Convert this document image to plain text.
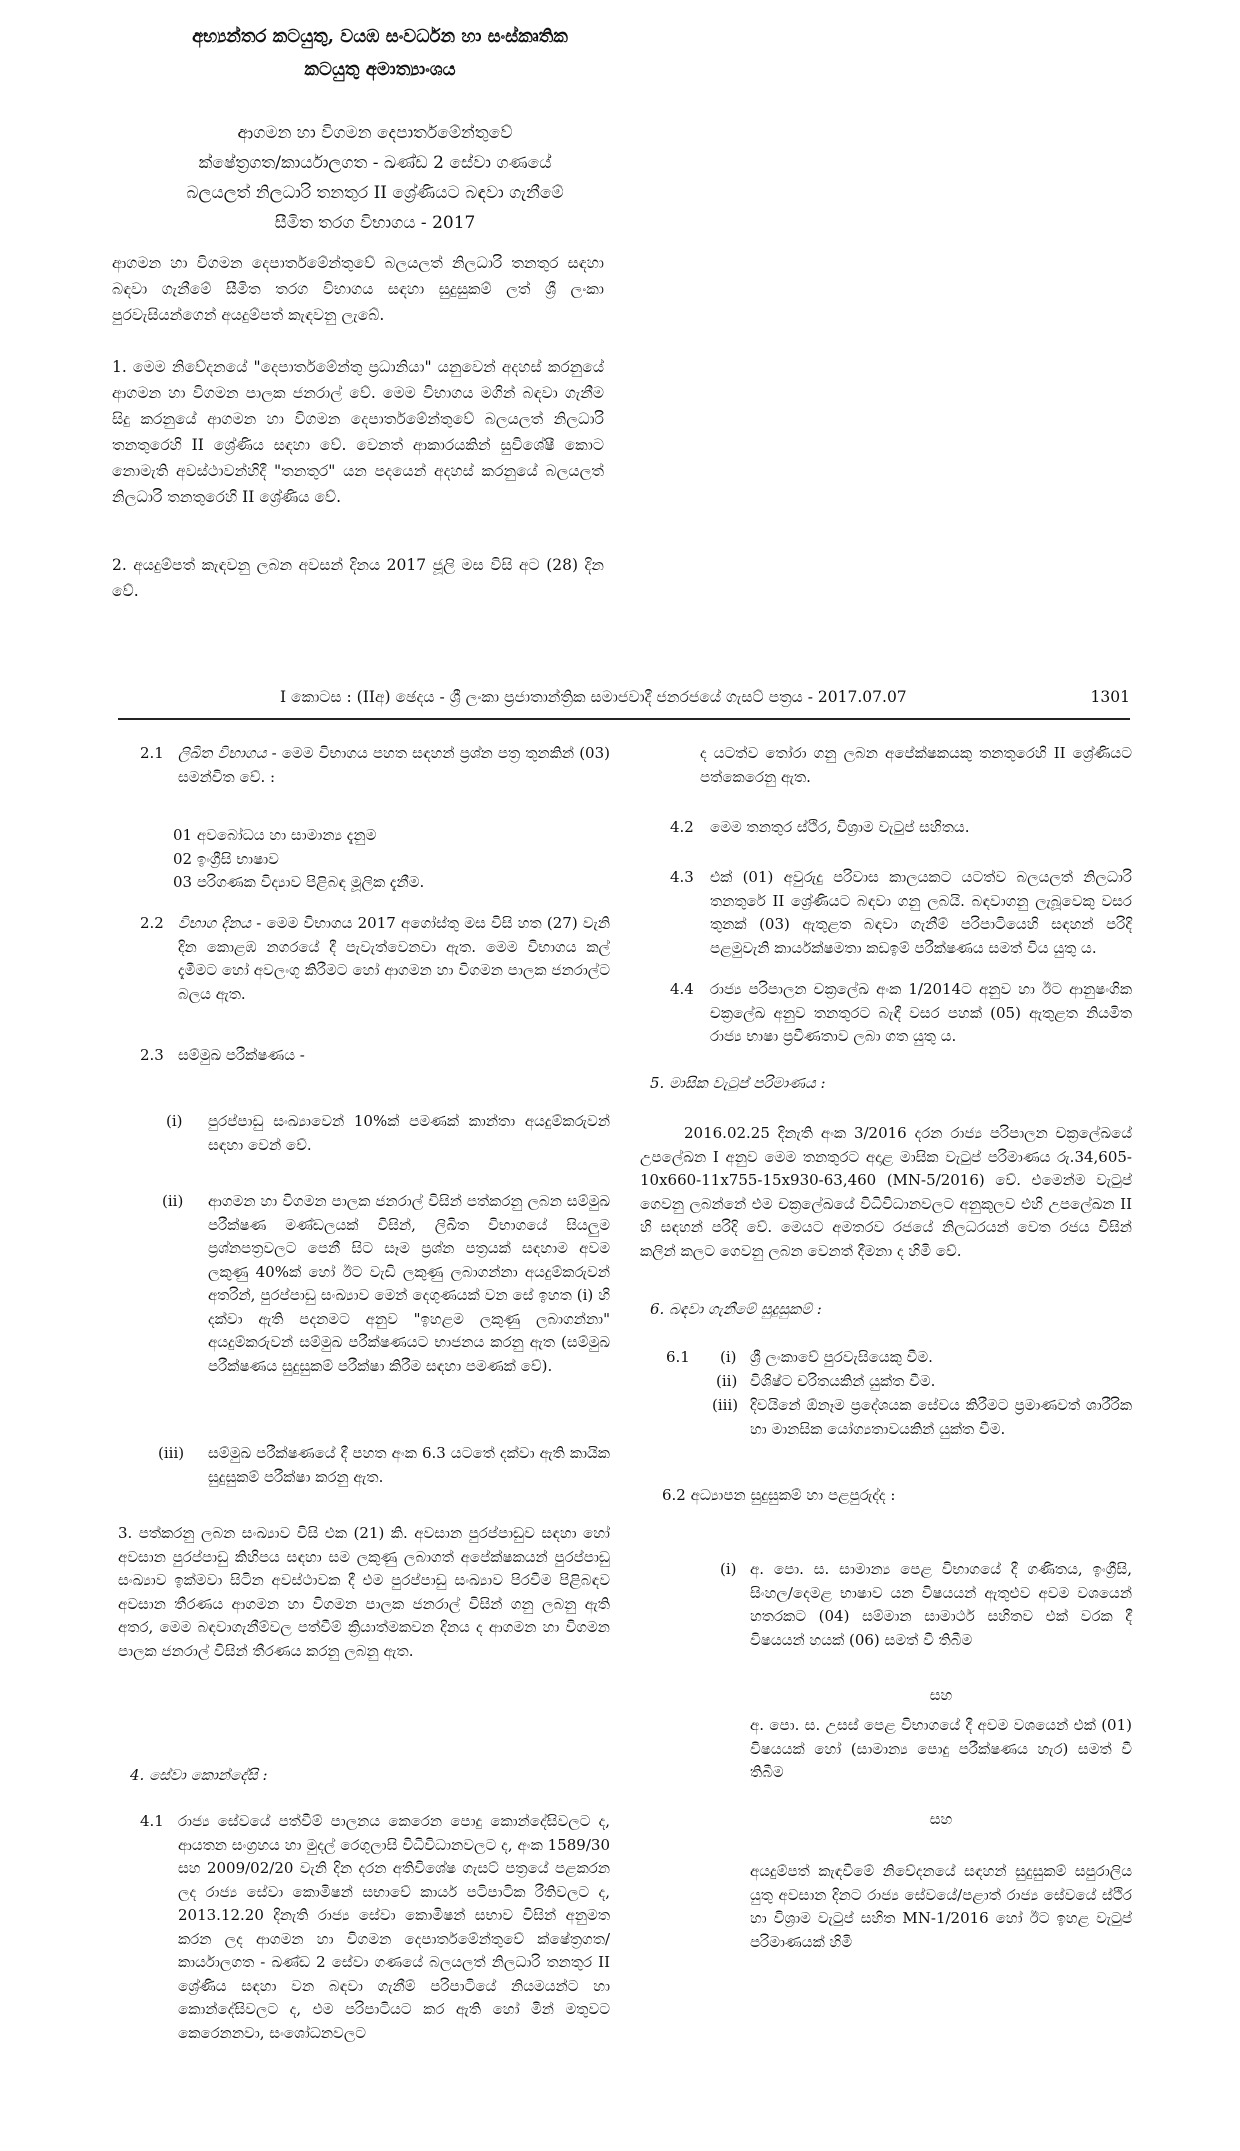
අභ්‍යන්තර කටයුතු, වයඹ සංවර්ධන හා සංස්කෘතික
කටයුතු අමාත්‍යාංශය
ආගමන හා විගමන දෙපාර්තමේන්තුවේ
ක්ෂේත්‍රගත/කාර්යාලගත - ඛණ්ඩ 2 සේවා ගණයේ
බලයලත් නිලධාරි තනතුර II ශ්‍රේණියට බඳවා ගැනීමේ
සීමිත තරග විභාගය - 2017
ආගමන හා විගමන දෙපාර්තමේන්තුවේ බලයලත් නිලධාරි තනතුර සඳහා බඳවා ගැනීමේ සීමිත තරග විභාගය සඳහා සුදුසුකම් ලත් ශ්‍රී ලංකා පුරවැසියන්ගෙන් අයදුම්පත් කැඳවනු ලැබේ.
1. මෙම නිවේදනයේ "දෙපාර්තමේන්තු ප්‍රධානියා" යනුවෙන් අදහස් කරනුයේ ආගමන හා විගමන පාලක ජනරාල් වේ. මෙම විභාගය මගින් බඳවා ගැනීම සිදු කරනුයේ ආගමන හා විගමන දෙපාර්තමේන්තුවේ බලයලත් නිලධාරි තනතුරෙහි II ශ්‍රේණිය සඳහා වේ. වෙනත් ආකාරයකින් සුවිශේෂී කොට නොමැති අවස්ථාවන්හිදී "තනතුර" යන පදයෙන් අදහස් කරනුයේ බලයලත් නිලධාරි තනතුරෙහි II ශ්‍රේණිය වේ.
2. අයදුම්පත් කැඳවනු ලබන අවසන් දිනය 2017 ජූලි මස විසි අට (28) දින වේ.
I කොටස : (IIඅ) ඡෙදය - ශ්‍රී ලංකා ප්‍රජාතාන්ත්‍රික සමාජවාදී ජනරජයේ ගැසට් පත්‍රය - 2017.07.07	1301
2.1 ලිඛිත විභාගය - මෙම විභාගය පහත සඳහන් ප්‍රශ්න පත්‍ර තුනකින් (03) සමන්විත වේ. :
01 අවබෝධය හා සාමාන්‍ය දැනුම
02 ඉංග්‍රීසි භාෂාව
03 පරිගණක විද්‍යාව පිළිබඳ මූලික දැනීම.
2.2 විභාග දිනය - මෙම විභාගය 2017 අගෝස්තු මස විසි හත (27) වැනි දින කොළඹ නගරයේ දී පැවැත්වෙනවා ඇත. මෙම විභාගය කල් දැමීමට හෝ අවලංගු කිරීමට හෝ ආගමන හා විගමන පාලක ජනරාල්ට බලය ඇත.
2.3 සම්මුඛ පරීක්ෂණය -
(i) පුරප්පාඩු සංඛ්‍යාවෙන් 10%ක් පමණක් කාන්තා අයදුම්කරුවන් සඳහා වෙන් වේ.
(ii) ආගමන හා විගමන පාලක ජනරාල් විසින් පත්කරනු ලබන සම්මුඛ පරීක්ෂණ මණ්ඩලයක් විසින්, ලිඛිත විභාගයේ සියලුම ප්‍රශ්නපත්‍රවලට පෙනී සිට සෑම ප්‍රශ්න පත්‍රයක් සඳහාම අවම ලකුණු 40%ක් හෝ ඊට වැඩි ලකුණු ලබාගන්නා අයදුම්කරුවන් අතරින්, පුරප්පාඩු සංඛ්‍යාව මෙන් දෙගුණයක් වන සේ ඉහත (i) හි දක්වා ඇති පදනමට අනුව "ඉහළම ලකුණු ලබාගන්නා" අයදුම්කරුවන් සම්මුඛ පරීක්ෂණයට භාජනය කරනු ඇත (සම්මුඛ පරීක්ෂණය සුදුසුකම් පරීක්ෂා කිරීම සඳහා පමණක් වේ).
(iii) සම්මුඛ පරීක්ෂණයේ දී පහත අංක 6.3 යටතේ දක්වා ඇති කායික සුදුසුකම් පරීක්ෂා කරනු ඇත.
3. පත්කරනු ලබන සංඛ්‍යාව විසි එක (21) කි. අවසාන පුරප්පාඩුව සඳහා හෝ අවසාන පුරප්පාඩු කිහිපය සඳහා සම ලකුණු ලබාගත් අපේක්ෂකයන් පුරප්පාඩු සංඛ්‍යාව ඉක්මවා සිටින අවස්ථාවක දී එම පුරප්පාඩු සංඛ්‍යාව පිරවීම පිළිබඳව අවසාන තීරණය ආගමන හා විගමන පාලක ජනරාල් විසින් ගනු ලබනු ඇති අතර, මෙම බඳවාගැනීම්වල පත්වීම් ක්‍රියාත්මකවන දිනය ද ආගමන හා විගමන පාලක ජනරාල් විසින් තීරණය කරනු ලබනු ඇත.
4. සේවා කොන්දේසි :
4.1 රාජ්‍ය සේවයේ පත්වීම් පාලනය කෙරෙන පොදු කොන්දේසිවලට ද, ආයතන සංග්‍රහය හා මුදල් රෙගුලාසි විධිවිධානවලට ද, අංක 1589/30 සහ 2009/02/20 වැනි දින දරන අතිවිශේෂ ගැසට් පත්‍රයේ පළකරන ලද රාජ්‍ය සේවා කොමිෂන් සභාවේ කාර්ය පටිපාටික රීතිවලට ද, 2013.12.20 දිනැති රාජ්‍ය සේවා කොමිෂන් සභාව විසින් අනුමත කරන ලද ආගමන හා විගමන දෙපාර්තමේන්තුවේ ක්ෂේත්‍රගත/කාර්යාලගත - ඛණ්ඩ 2 සේවා ගණයේ බලයලත් නිලධාරි තනතුර II ශ්‍රේණිය සඳහා වන බඳවා ගැනීම් පරිපාටියේ නියමයන්ට හා කොන්දේසිවලට ද, එම පරිපාටියට කර ඇති හෝ මින් මතුවට කෙරෙනනවා, සංශෝධනවලට
ද යටත්ව තෝරා ගනු ලබන අපේක්ෂකයකු තනතුරෙහි II ශ්‍රේණියට පත්කෙරෙනු ඇත.
4.2 මෙම තනතුර ස්ථිර, විශ්‍රාම වැටුප් සහිතය.
4.3 එක් (01) අවුරුදු පරිවාස කාලයකට යටත්ව බලයලත් නිලධාරි තනතුරේ II ශ්‍රේණියට බඳවා ගනු ලබයි. බඳවාගනු ලැබූවෙකු වසර තුනක් (03) ඇතුළත බඳවා ගැනීම් පරිපාටියෙහි සඳහන් පරිදි පළමුවැනි කාර්යක්ෂමතා කඩඉම් පරීක්ෂණය සමත් විය යුතු ය.
4.4 රාජ්‍ය පරිපාලන චක්‍රලේඛ අංක 1/2014ට අනුව හා ඊට ආනුෂංගික චක්‍රලේඛ අනුව තනතුරට බැඳී වසර පහක් (05) ඇතුළත නියමිත රාජ්‍ය භාෂා ප්‍රවීණතාව ලබා ගත යුතු ය.
5. මාසික වැටුප් පරිමාණය :
2016.02.25 දිනැති අංක 3/2016 දරන රාජ්‍ය පරිපාලන චක්‍රලේඛයේ උපලේඛන I අනුව මෙම තනතුරට අදාළ මාසික වැටුප් පරිමාණය රු.34,605-10x660-11x755-15x930-63,460 (MN-5/2016) වේ. එමෙන්ම වැටුප් ගෙවනු ලබන්නේ එම චක්‍රලේඛයේ විධිවිධානවලට අනුකූලව එහි උපලේඛන II හි සඳහන් පරිදි වේ. මෙයට අමතරව රජයේ නිලධරයන් වෙත රජය විසින් කලින් කලට ගෙවනු ලබන වෙනත් දීමනා ද හිමි වේ.
6. බඳවා ගැනීමේ සුදුසුකම් :
6.1 (i) ශ්‍රී ලංකාවේ පුරවැසියෙකු වීම.
(ii) විශිෂ්ට චරිතයකින් යුක්ත වීම.
(iii) දිවයිනේ ඕනෑම ප්‍රදේශයක සේවය කිරීමට ප්‍රමාණවත් ශාරීරික හා මානසික යෝග්‍යතාවයකින් යුක්ත වීම.
6.2 අධ්‍යාපන සුදුසුකම් හා පළපුරුද්ද :
(i) අ. පො. ස. සාමාන්‍ය පෙළ විභාගයේ දී ගණිතය, ඉංග්‍රීසි, සිංහල/දෙමළ භාෂාව යන විෂයයන් ඇතුළුව අවම වශයෙන් හතරකට (04) සම්මාන සාමාර්ථ සහිතව එක් වරක දී විෂයයන් හයක් (06) සමත් වී තිබීම
සහ
අ. පො. ස. උසස් පෙළ විභාගයේ දී අවම වශයෙන් එක් (01) විෂයයක් හෝ (සාමාන්‍ය පොදු පරීක්ෂණය හැර) සමත් වී තිබීම
සහ
අයදුම්පත් කැඳවීමේ නිවේදනයේ සඳහන් සුදුසුකම් සපුරාලිය යුතු අවසාන දිනට රාජ්‍ය සේවයේ/පළාත් රාජ්‍ය සේවයේ ස්ථිර හා විශ්‍රාම වැටුප් සහිත MN-1/2016 හෝ ඊට ඉහළ වැටුප් පරිමාණයක් හිමි
